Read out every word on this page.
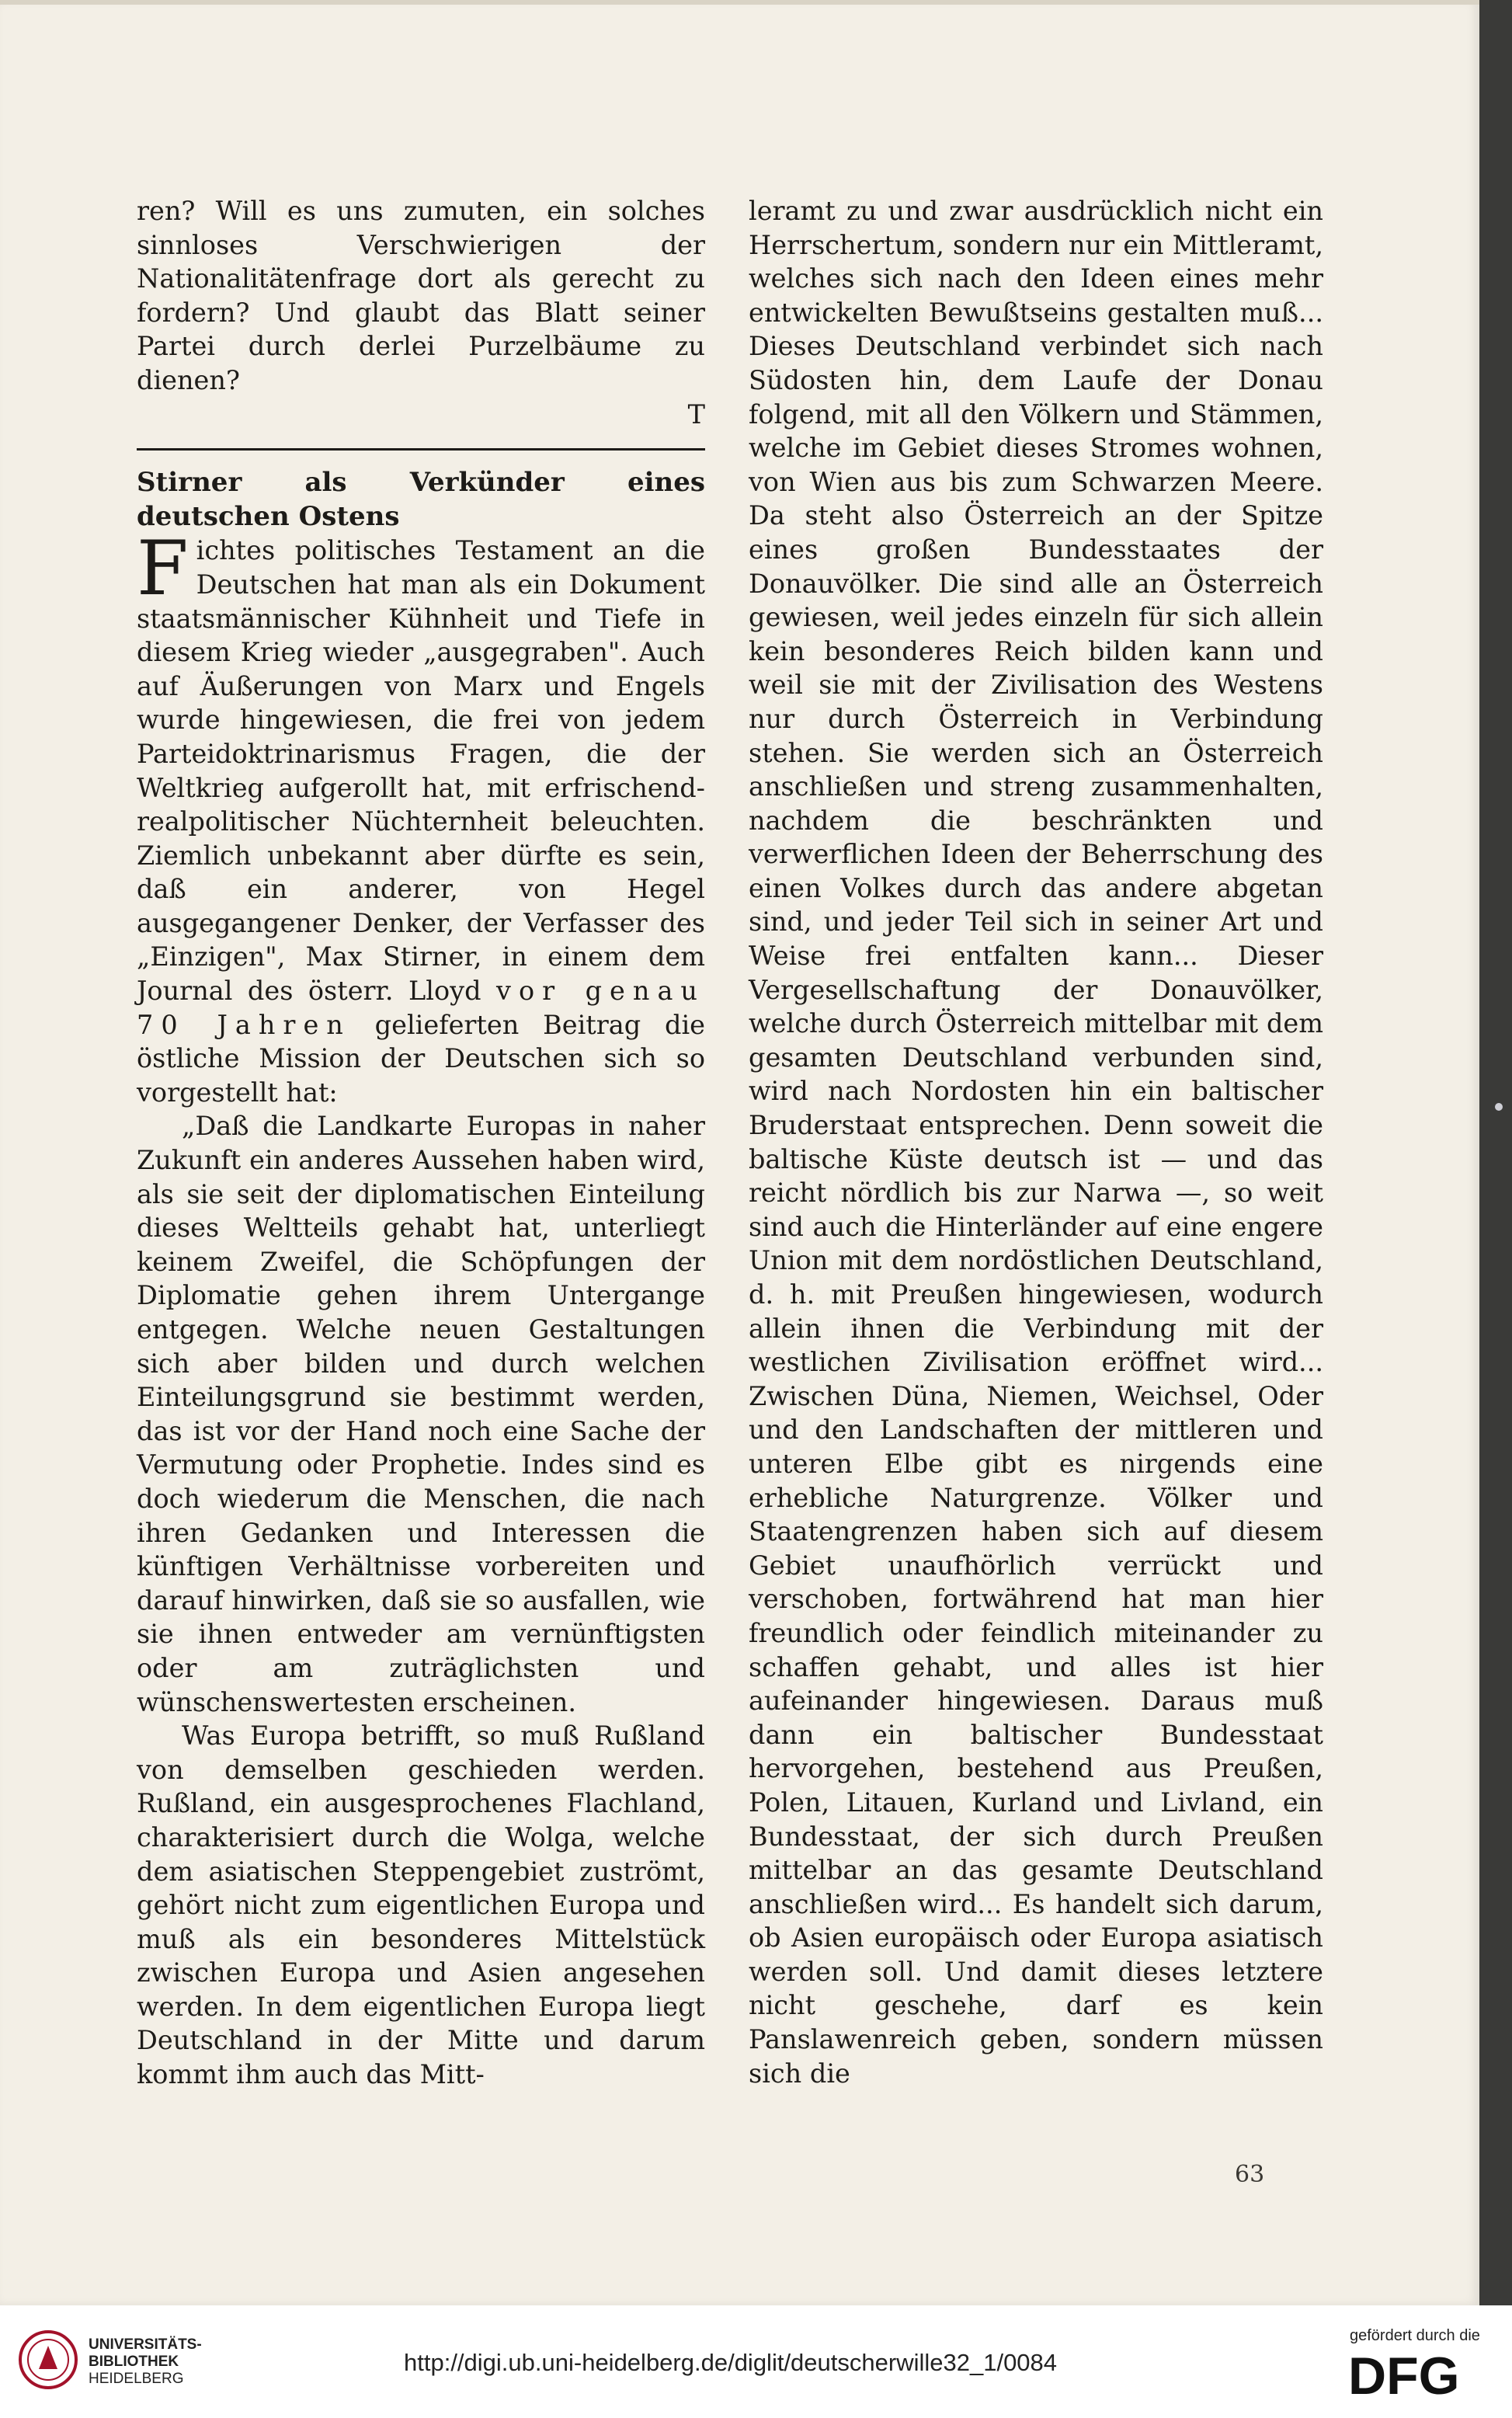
ren? Will es uns zumuten, ein solches sinnloses Verschwierigen der Nationalitätenfrage dort als gerecht zu fordern? Und glaubt das Blatt seiner Partei durch derlei Purzelbäume zu dienen?

T

Stirner als Verkünder eines deutschen Ostens

Fichtes politisches Testament an die Deutschen hat man als ein Dokument staatsmännischer Kühnheit und Tiefe in diesem Krieg wieder „ausgegraben". Auch auf Äußerungen von Marx und Engels wurde hingewiesen, die frei von jedem Parteidoktrinarismus Fragen, die der Weltkrieg aufgerollt hat, mit erfrischend-realpolitischer Nüchternheit beleuchten. Ziemlich unbekannt aber dürfte es sein, daß ein anderer, von Hegel ausgegangener Denker, der Verfasser des „Einzigen", Max Stirner, in einem dem Journal des österr. Lloyd vor genau 70 Jahren gelieferten Beitrag die östliche Mission der Deutschen sich so vorgestellt hat:

„Daß die Landkarte Europas in naher Zukunft ein anderes Aussehen haben wird, als sie seit der diplomatischen Einteilung dieses Weltteils gehabt hat, unterliegt keinem Zweifel, die Schöpfungen der Diplomatie gehen ihrem Untergange entgegen. Welche neuen Gestaltungen sich aber bilden und durch welchen Einteilungsgrund sie bestimmt werden, das ist vor der Hand noch eine Sache der Vermutung oder Prophetie. Indes sind es doch wiederum die Menschen, die nach ihren Gedanken und Interessen die künftigen Verhältnisse vorbereiten und darauf hinwirken, daß sie so ausfallen, wie sie ihnen entweder am vernünftigsten oder am zuträglichsten und wünschenswertesten erscheinen.

Was Europa betrifft, so muß Rußland von demselben geschieden werden. Rußland, ein ausgesprochenes Flachland, charakterisiert durch die Wolga, welche dem asiatischen Steppengebiet zuströmt, gehört nicht zum eigentlichen Europa und muß als ein besonderes Mittelstück zwischen Europa und Asien angesehen werden. In dem eigentlichen Europa liegt Deutschland in der Mitte und darum kommt ihm auch das Mitt-

leramt zu und zwar ausdrücklich nicht ein Herrschertum, sondern nur ein Mittleramt, welches sich nach den Ideen eines mehr entwickelten Bewußtseins gestalten muß... Dieses Deutschland verbindet sich nach Südosten hin, dem Laufe der Donau folgend, mit all den Völkern und Stämmen, welche im Gebiet dieses Stromes wohnen, von Wien aus bis zum Schwarzen Meere. Da steht also Österreich an der Spitze eines großen Bundesstaates der Donauvölker. Die sind alle an Österreich gewiesen, weil jedes einzeln für sich allein kein besonderes Reich bilden kann und weil sie mit der Zivilisation des Westens nur durch Österreich in Verbindung stehen. Sie werden sich an Österreich anschließen und streng zusammenhalten, nachdem die beschränkten und verwerflichen Ideen der Beherrschung des einen Volkes durch das andere abgetan sind, und jeder Teil sich in seiner Art und Weise frei entfalten kann... Dieser Vergesellschaftung der Donauvölker, welche durch Österreich mittelbar mit dem gesamten Deutschland verbunden sind, wird nach Nordosten hin ein baltischer Bruderstaat entsprechen. Denn soweit die baltische Küste deutsch ist — und das reicht nördlich bis zur Narwa —, so weit sind auch die Hinterländer auf eine engere Union mit dem nordöstlichen Deutschland, d. h. mit Preußen hingewiesen, wodurch allein ihnen die Verbindung mit der westlichen Zivilisation eröffnet wird... Zwischen Düna, Niemen, Weichsel, Oder und den Landschaften der mittleren und unteren Elbe gibt es nirgends eine erhebliche Naturgrenze. Völker und Staatengrenzen haben sich auf diesem Gebiet unaufhörlich verrückt und verschoben, fortwährend hat man hier freundlich oder feindlich miteinander zu schaffen gehabt, und alles ist hier aufeinander hingewiesen. Daraus muß dann ein baltischer Bundesstaat hervorgehen, bestehend aus Preußen, Polen, Litauen, Kurland und Livland, ein Bundesstaat, der sich durch Preußen mittelbar an das gesamte Deutschland anschließen wird... Es handelt sich darum, ob Asien europäisch oder Europa asiatisch werden soll. Und damit dieses letztere nicht geschehe, darf es kein Panslawenreich geben, sondern müssen sich die

63
UNIVERSITÄTS-
BIBLIOTHEK
HEIDELBERG
http://digi.ub.uni-heidelberg.de/diglit/deutscherwille32_1/0084
gefördert durch die
DFG
